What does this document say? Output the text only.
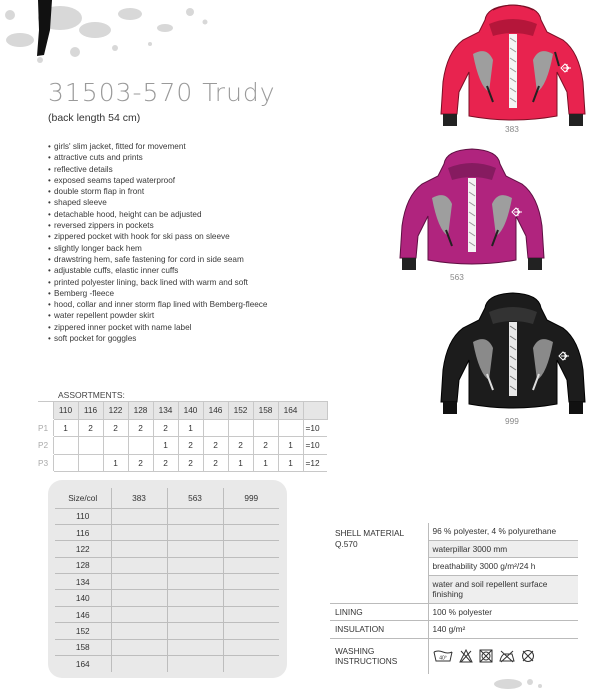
31503-570 Trudy
(back length 54 cm)
• girls' slim jacket, fitted for movement
• attractive cuts and prints
• reflective details
• exposed seams taped waterproof
• double storm flap in front
• shaped sleeve
• detachable hood, height can be adjusted
• reversed zippers in pockets
• zippered pocket with hook for ski pass on sleeve
• slightly longer back hem
• drawstring hem, safe fastening for cord in side seam
• adjustable cuffs, elastic inner cuffs
• printed polyester lining, back lined with warm and soft
• Bemberg -fleece
• hood, collar and inner storm flap lined with Bemberg-fleece
• water repellent powder skirt
• zippered inner pocket with name label
• soft pocket for goggles
ASSORTMENTS:
	110	116	122	128	134	140	146	152	158	164	
P1	1	2	2	2	2	1					=10
P2					1	2	2	2	2	1	=10
P3			1	2	2	2	2	1	1	1	=12
Size/col	383	563	999
110			
116			
122			
128			
134			
140			
146			
152			
158			
164			
SHELL MATERIAL Q.570	96 % polyester, 4 % polyurethane
	waterpillar 3000 mm
	breathability 3000 g/m²/24 h
	water and soil repellent surface finishing
LINING	100 % polyester
INSULATION	140 g/m²
WASHING INSTRUCTIONS	40°
383
563
999
